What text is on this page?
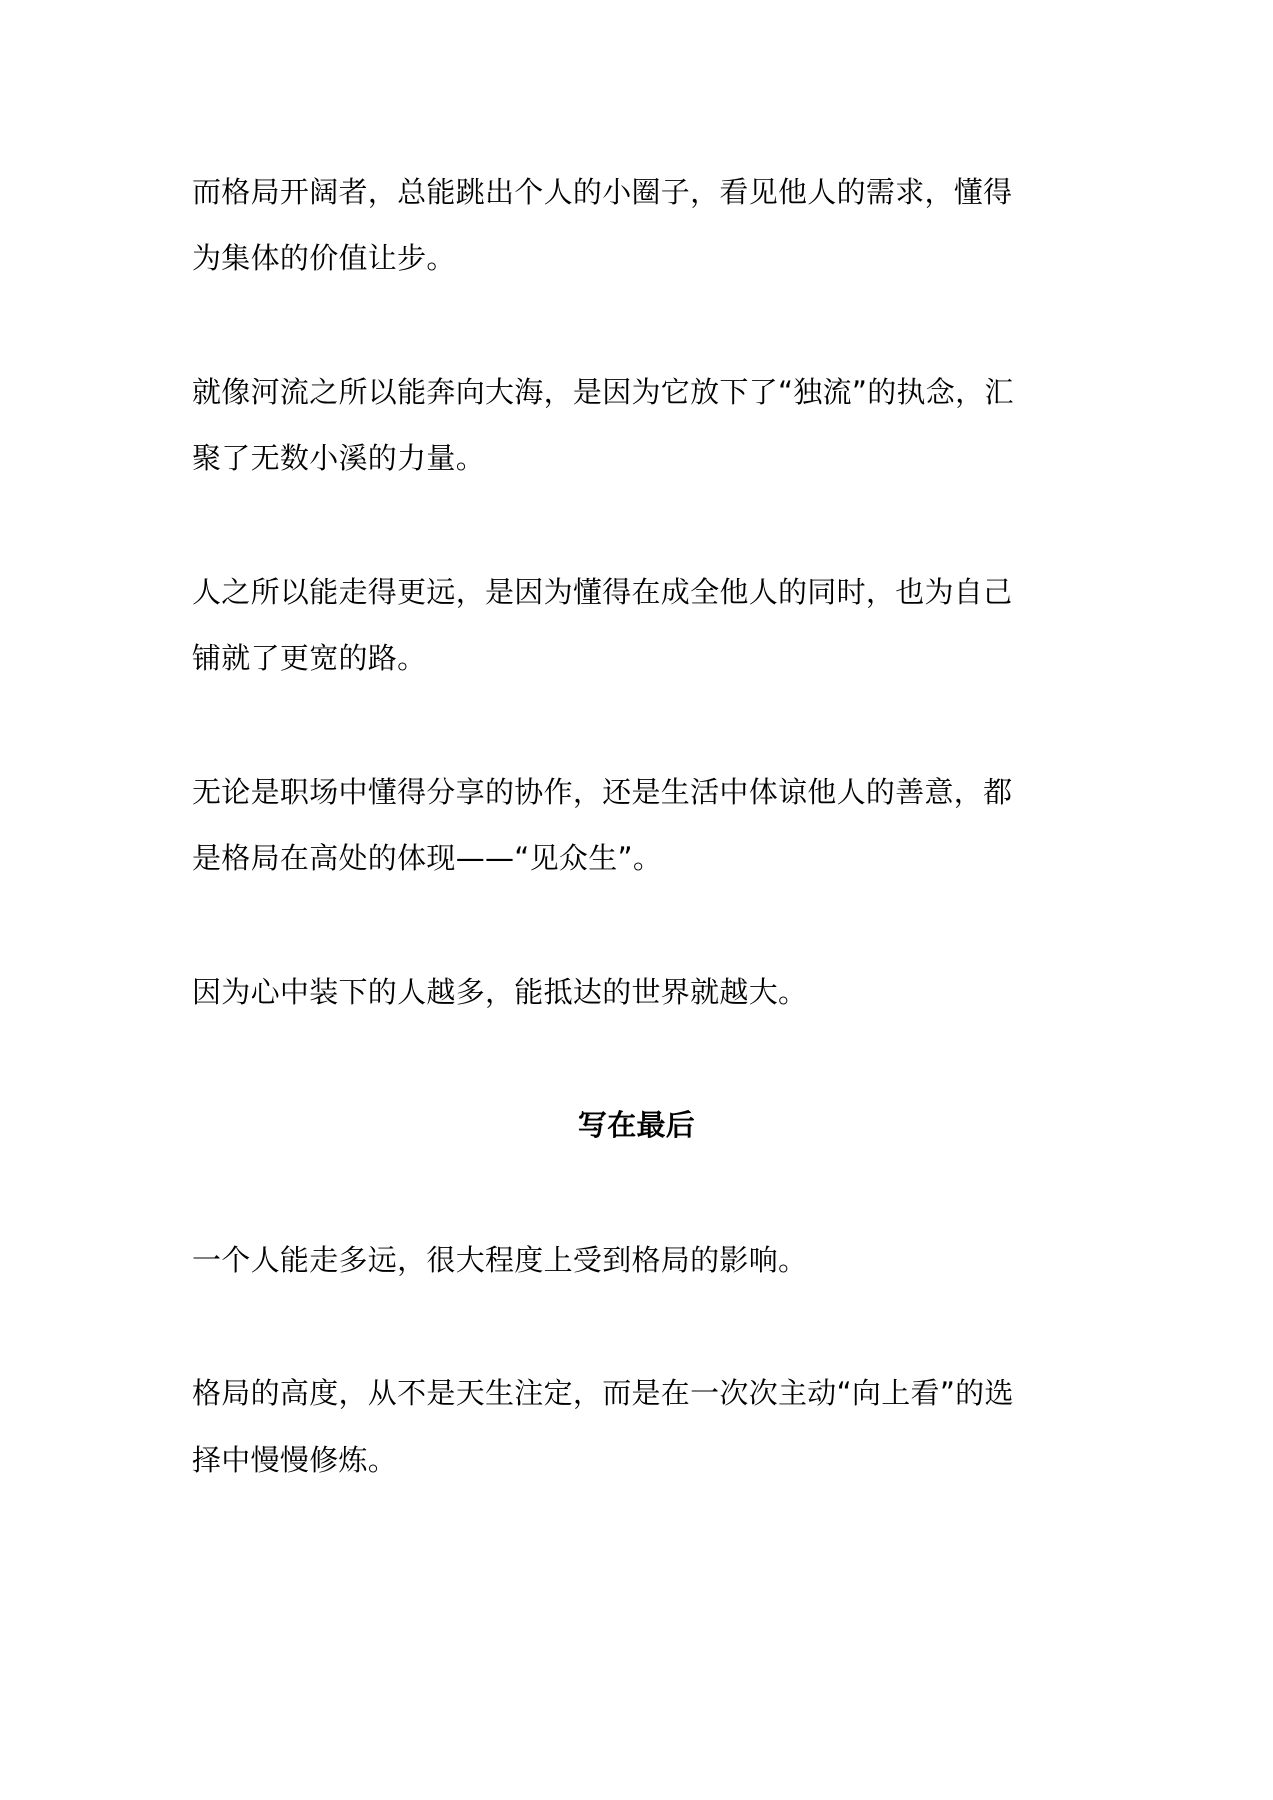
而格局开阔者，总能跳出个人的小圈子，看见他人的需求，懂得
为集体的价值让步。
就像河流之所以能奔向大海，是因为它放下了“独流”的执念，汇
聚了无数小溪的力量。
人之所以能走得更远，是因为懂得在成全他人的同时，也为自己
铺就了更宽的路。
无论是职场中懂得分享的协作，还是生活中体谅他人的善意，都
是格局在高处的体现——“见众生”。
因为心中装下的人越多，能抵达的世界就越大。
写在最后
一个人能走多远，很大程度上受到格局的影响。
格局的高度，从不是天生注定，而是在一次次主动“向上看”的选
择中慢慢修炼。
